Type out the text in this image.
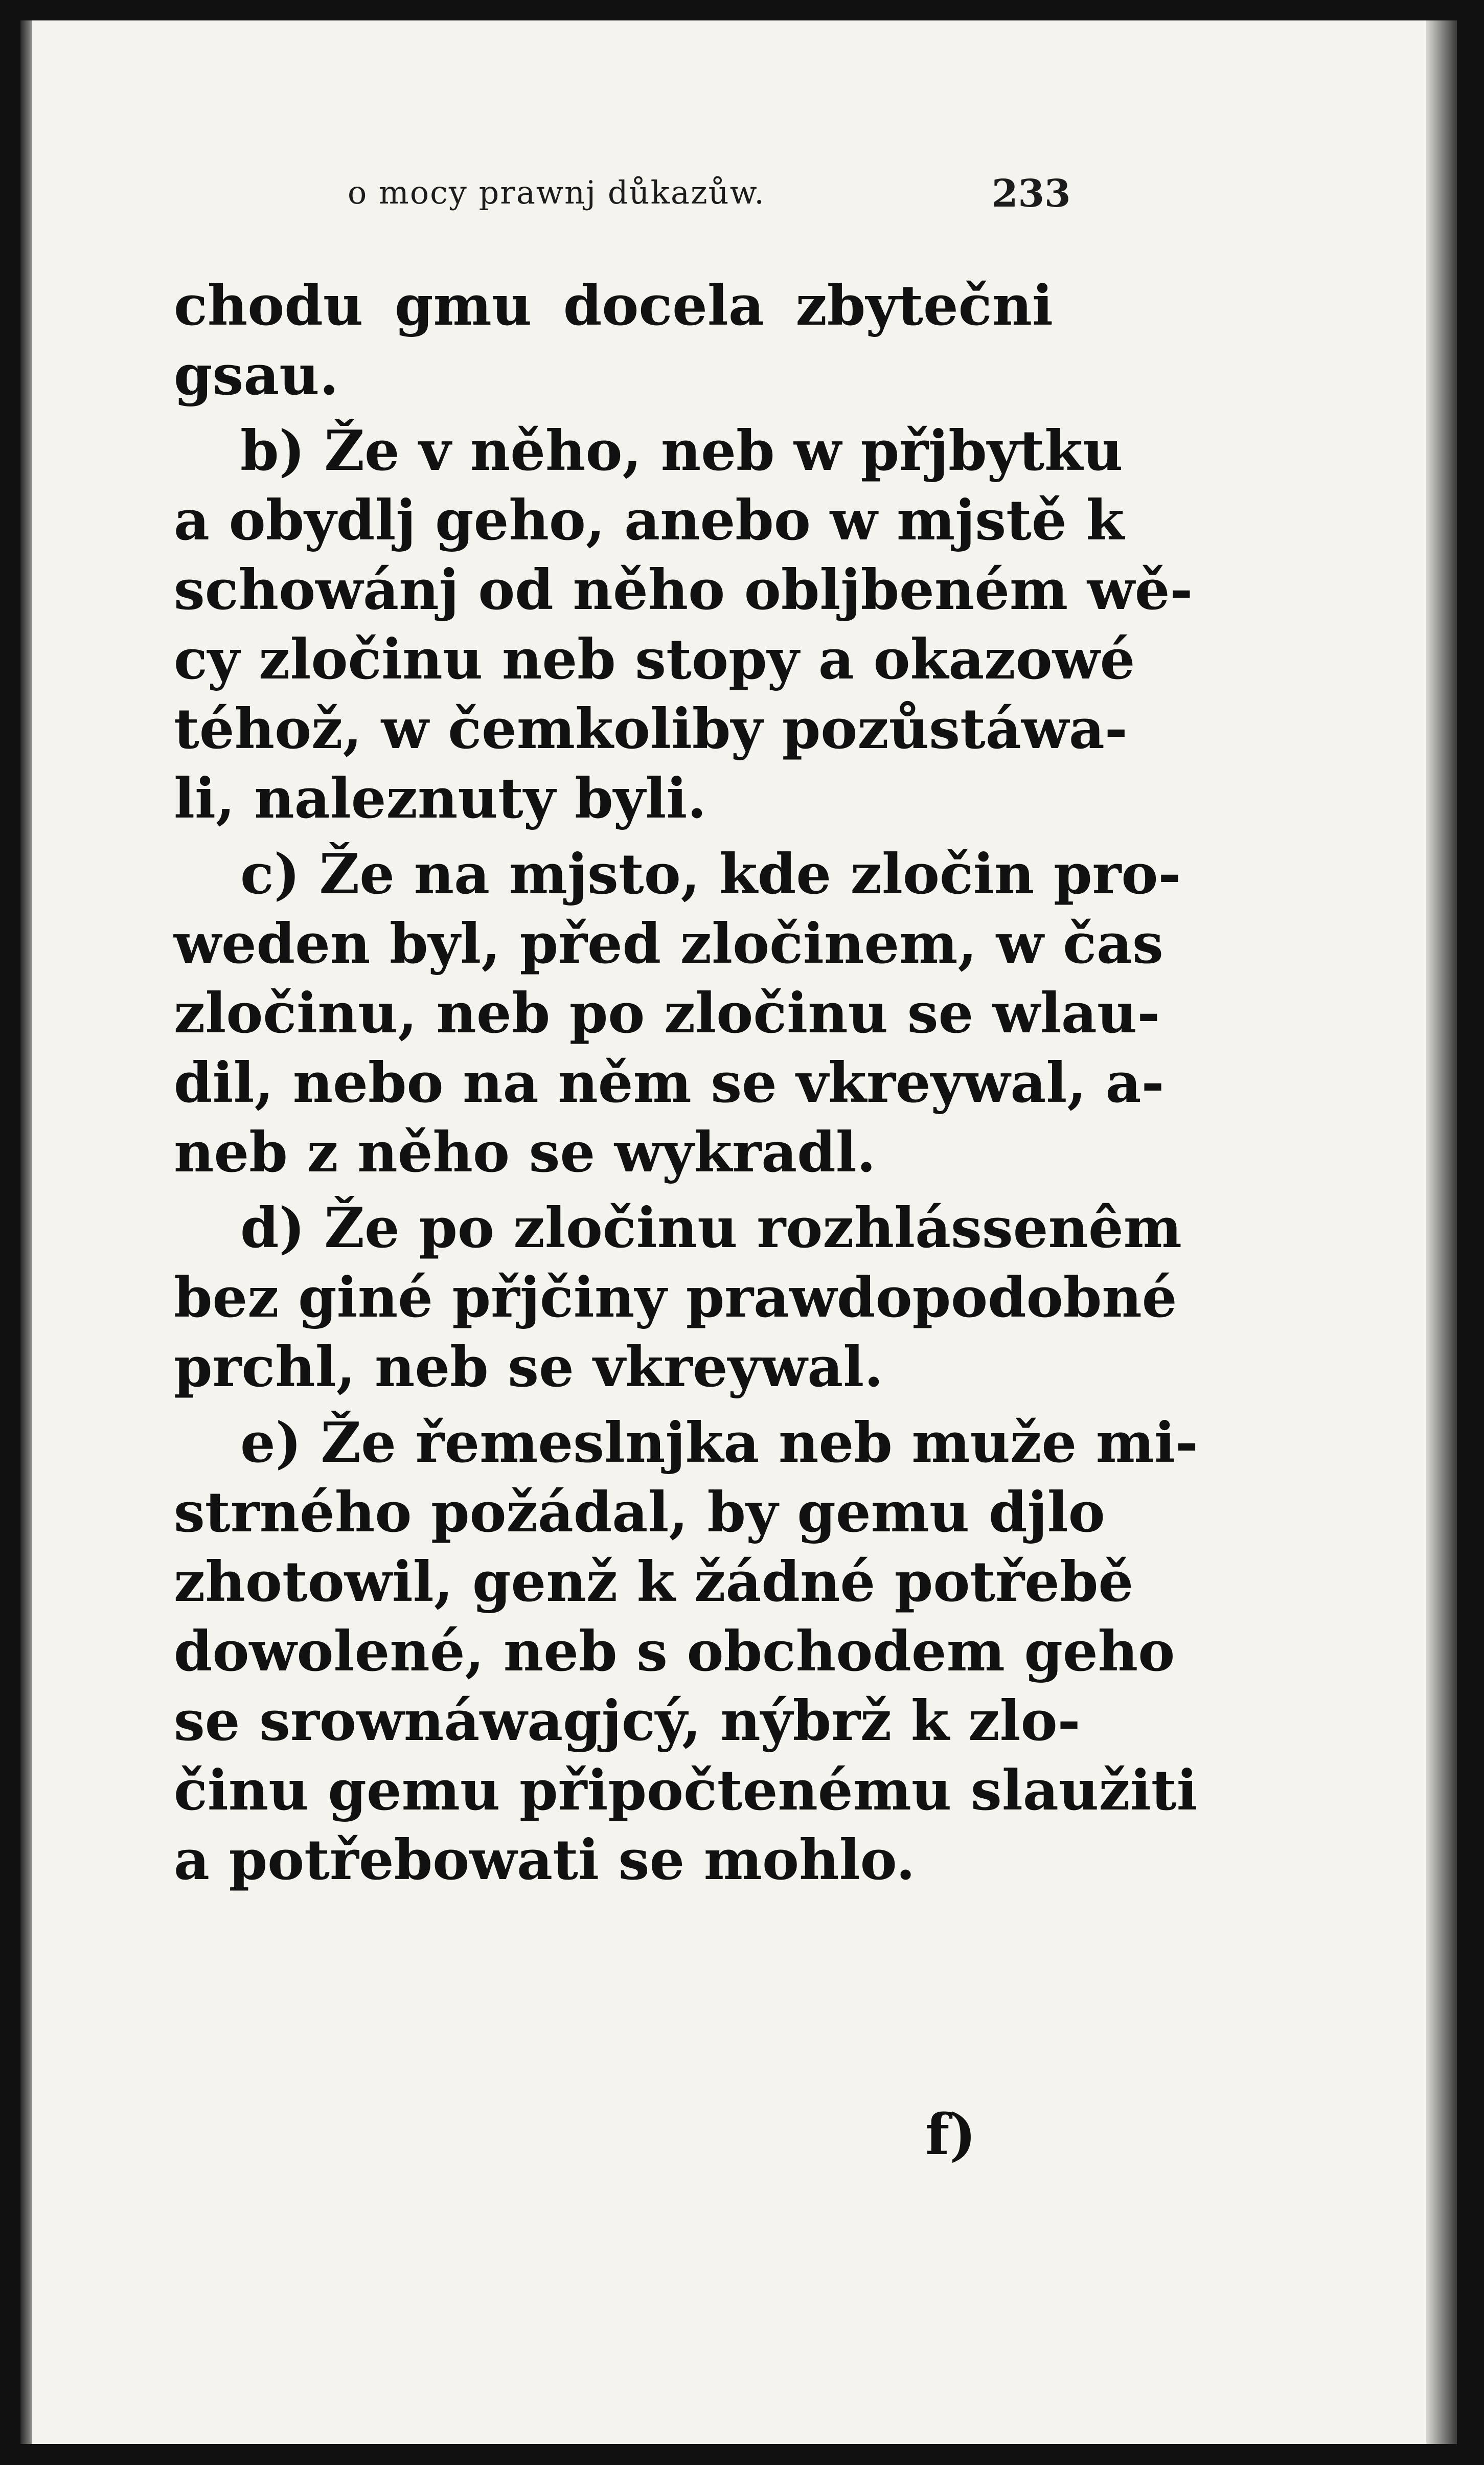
o mocy prawnj důkazůw.	233
chodu gmu docela zbytečni
gsau.
b) Že v něho, neb w přjbytku
a obydlj geho, anebo w mjstě k
schowánj od něho obljbeném wě-
cy zločinu neb stopy a okazowé
téhož, w čemkoliby pozůstáwa-
li, naleznuty byli.
c) Že na mjsto, kde zločin pro-
weden byl, před zločinem, w čas
zločinu, neb po zločinu se wlau-
dil, nebo na něm se vkreywal, a-
neb z něho se wykradl.
d) Že po zločinu rozhlássenêm
bez giné přjčiny prawdopodobné
prchl, neb se vkreywal.
e) Že řemeslnjka neb muže mi-
strného požádal, by gemu djlo
zhotowil, genž k žádné potřebě
dowolené, neb s obchodem geho
se srownáwagjcý, nýbrž k zlo-
činu gemu připočtenému slaužiti
a potřebowati se mohlo.
f)
